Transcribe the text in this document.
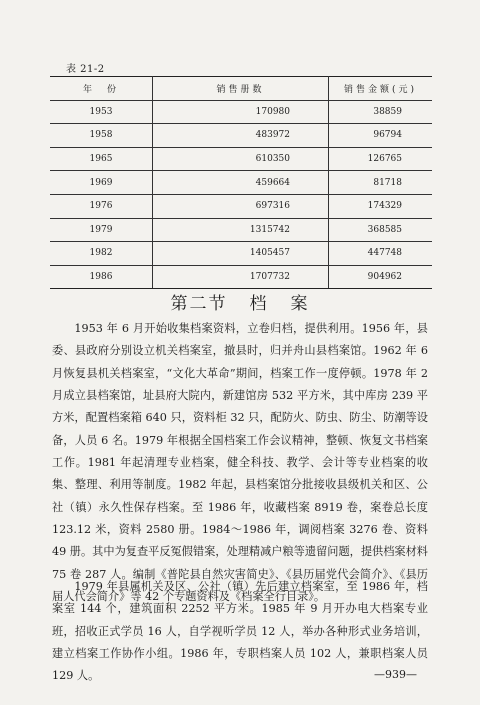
表 21-2
年　份	销售册数	销售金额(元)
1953	170980	38859
1958	483972	96794
1965	610350	126765
1969	459664	81718
1976	697316	174329
1979	1315742	368585
1982	1405457	447748
1986	1707732	904962
第二节 档 案

1953 年 6 月开始收集档案资料，立卷归档，提供利用。1956 年，县委、县政府分别设立机关档案室，撤县时，归并舟山县档案馆。1962 年 6 月恢复县机关档案室，“文化大革命”期间，档案工作一度停顿。1978 年 2 月成立县档案馆，址县府大院内，新建馆房 532 平方米，其中库房 239 平方米，配置档案箱 640 只，资料柜 32 只，配防火、防虫、防尘、防潮等设备，人员 6 名。1979 年根据全国档案工作会议精神，整顿、恢复文书档案工作。1981 年起清理专业档案，健全科技、教学、会计等专业档案的收集、整理、利用等制度。1982 年起，县档案馆分批接收县级机关和区、公社（镇）永久性保存档案。至 1986 年，收藏档案 8919 卷，案卷总长度 123.12 米，资料 2580 册。1984～1986 年，调阅档案 3276 卷、资料 49 册。其中为复查平反冤假错案，处理精减户粮等遗留问题，提供档案材料 75 卷 287 人。编制《普陀县自然灾害简史》、《县历届党代会简介》、《县历届人代会简介》等 42 个专题资料及《档案全行目录》。

1979 年县属机关及区、公社（镇）先后建立档案室，至 1986 年，档案室 144 个，建筑面积 2252 平方米。1985 年 9 月开办电大档案专业班，招收正式学员 16 人，自学视听学员 12 人，举办各种形式业务培训，建立档案工作协作小组。1986 年，专职档案人员 102 人，兼职档案人员 129 人。	—939—
